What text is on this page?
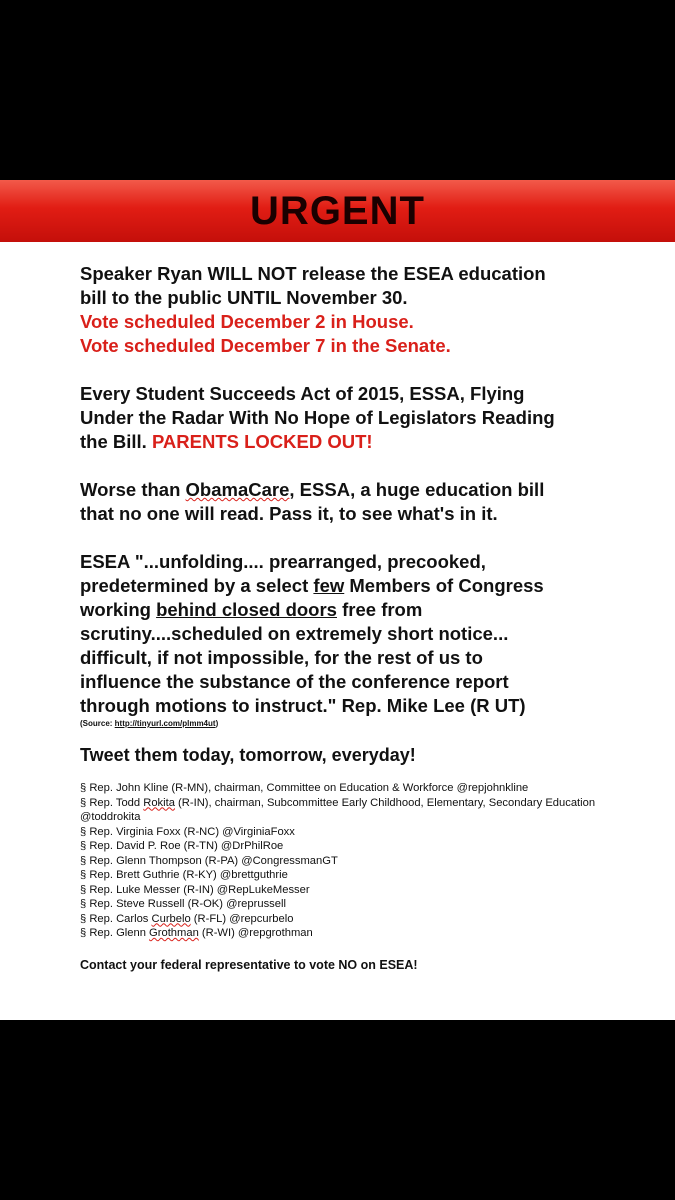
URGENT

Speaker Ryan WILL NOT release the ESEA education
bill to the public UNTIL November 30.
Vote scheduled December 2 in House.
Vote scheduled December 7 in the Senate.

Every Student Succeeds Act of 2015, ESSA, Flying
Under the Radar With No Hope of Legislators Reading
the Bill. PARENTS LOCKED OUT!

Worse than ObamaCare, ESSA, a huge education bill
that no one will read. Pass it, to see what's in it.

ESEA "...unfolding.... prearranged, precooked,
predetermined by a select few Members of Congress
working behind closed doors free from
scrutiny....scheduled on extremely short notice...
difficult, if not impossible, for the rest of us to
influence the substance of the conference report
through motions to instruct." Rep. Mike Lee (R UT)

(Source: http://tinyurl.com/plmm4ut)

Tweet them today, tomorrow, everyday!

§ Rep. John Kline (R-MN), chairman, Committee on Education & Workforce @repjohnkline
§ Rep. Todd Rokita (R-IN), chairman, Subcommittee Early Childhood, Elementary, Secondary Education @toddrokita
§ Rep. Virginia Foxx (R-NC) @VirginiaFoxx
§ Rep. David P. Roe (R-TN) @DrPhilRoe
§ Rep. Glenn Thompson (R-PA) @CongressmanGT
§ Rep. Brett Guthrie (R-KY) @brettguthrie
§ Rep. Luke Messer (R-IN) @RepLukeMesser
§ Rep. Steve Russell (R-OK) @reprussell
§ Rep. Carlos Curbelo (R-FL) @repcurbelo
§ Rep. Glenn Grothman (R-WI) @repgrothman

Contact your federal representative to vote NO on ESEA!
